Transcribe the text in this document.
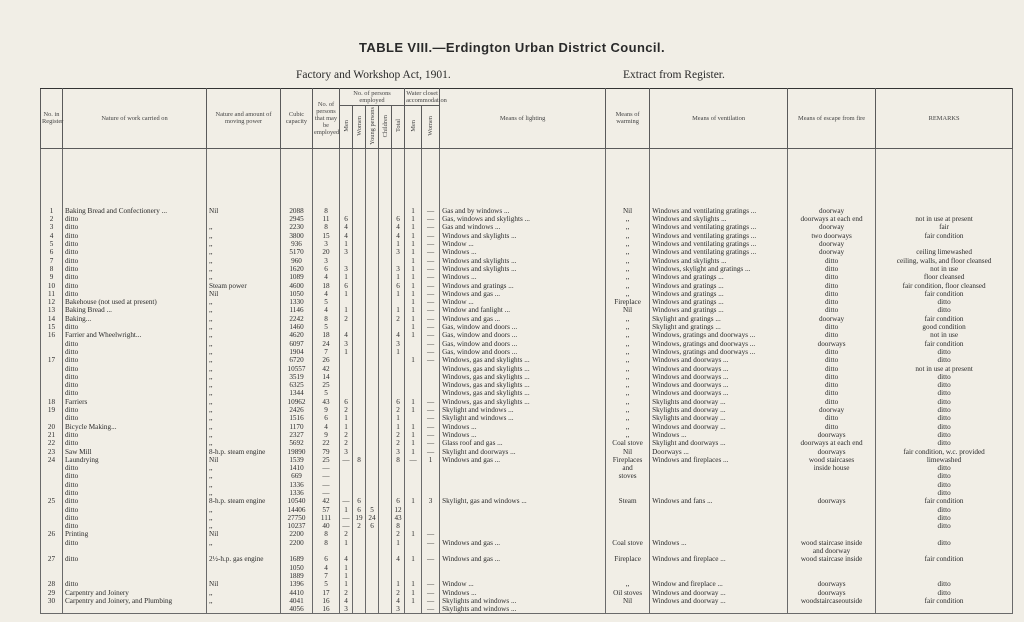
TABLE VIII.—Erdington Urban District Council.
Factory and Workshop Act, 1901.	Extract from Register.
No. in Register	Nature of work carried on	Nature and amount of moving power	Cubic capacity	No. of persons that may be employed	No. of persons employed					Water closet accommodation		Means of lighting	Means of warming	Means of ventilation	Means of escape from fire	REMARKS
					Men	Women	Young persons	Children	Total	Men	Women					
1	Baking Bread and Confectionery ...	Nil	2088	8						1	—	Gas and by windows ...	Nil	Windows and ventilating gratings ...	doorway	
2	ditto		2945	11	6				6	1	—	Gas, windows and skylights ...	,,	Windows and skylights ...	doorways at each end	not in use at present
3	ditto	,,	2230	8	4				4	1	—	Gas and windows ...	,,	Windows and ventilating gratings ...	doorway	fair
4	ditto	,,	3800	15	4				4	1	—	Windows and skylights ...	,,	Windows and ventilating gratings ...	two doorways	fair condition
5	ditto	,,	936	3	1				1	1	—	Window ...	,,	Windows and ventilating gratings ...	doorway	
6	ditto	,,	5170	20	3				3	1	—	Windows ...	,,	Windows and ventilating gratings ...	doorway	ceiling limewashed
7	ditto	,,	960	3						1	—	Windows and skylights ...	,,	Windows and skylights ...	ditto	ceiling, walls, and floor cleansed
8	ditto	,,	1620	6	3				3	1	—	Windows and skylights ...	,,	Windows, skylight and gratings ...	ditto	not in use
9	ditto	,,	1089	4	1				1	1	—	Windows ...	,,	Windows and gratings ...	ditto	floor cleansed
10	ditto	Steam power	4600	18	6				6	1	—	Windows and gratings ...	,,	Windows and gratings ...	ditto	fair condition, floor cleansed
11	ditto	Nil	1050	4	1				1	1	—	Windows and gas ...	,,	Windows and gratings ...	ditto	fair condition
12	Bakehouse (not used at present)	,,	1330	5						1	—	Window ...	Fireplace	Windows and gratings ...	ditto	ditto
13	Baking Bread ...	,,	1146	4	1				1	1	—	Window and fanlight ...	Nil	Windows and gratings ...	ditto	ditto
14	Baking...	,,	2242	8	2				2	1	—	Windows and gas ...	,,	Skylight and gratings ...	doorway	fair condition
15	ditto	,,	1460	5						1	—	Gas, window and doors ...	,,	Skylight and gratings ...	ditto	good condition
16	Farrier and Wheelwright...	,,	4620	18	4				4	1	—	Gas, window and doors ...	,,	Windows, gratings and doorways ...	ditto	not in use
	ditto	,,	6097	24	3				3		—	Gas, window and doors ...	,,	Windows, gratings and doorways ...	doorways	fair condition
	ditto	,,	1904	7	1				1		—	Gas, window and doors ...	,,	Windows, gratings and doorways ...	ditto	ditto
17	ditto	,,	6720	26						1	—	Windows, gas and skylights ...	,,	Windows and doorways ...	ditto	ditto
	ditto	,,	10557	42								Windows, gas and skylights ...	,,	Windows and doorways ...	ditto	not in use at present
	ditto	,,	3519	14								Windows, gas and skylights ...	,,	Windows and doorways ...	ditto	ditto
	ditto	,,	6325	25								Windows, gas and skylights ...	,,	Windows and doorways ...	ditto	ditto
	ditto	,,	1344	5								Windows, gas and skylights ...	,,	Windows and doorways ...	ditto	ditto
18	Farriers	,,	10962	43	6				6	1	—	Windows, gas and skylights ...	,,	Skylights and doorway ...	ditto	ditto
19	ditto	,,	2426	9	2				2	1	—	Skylight and windows ...	,,	Skylights and doorway ...	doorway	ditto
	ditto	,,	1516	6	1				1		—	Skylight and windows ...	,,	Skylights and doorway ...	ditto	ditto
20	Bicycle Making...	,,	1170	4	1				1	1	—	Windows ...	,,	Windows and doorway ...	ditto	ditto
21	ditto	,,	2327	9	2				2	1	—	Windows ...	,,	Windows ...	doorways	ditto
22	ditto	,,	5692	22	2				2	1	—	Glass roof and gas ...	Coal stove	Skylight and doorways ...	doorways at each end	ditto
23	Saw Mill	8-h.p. steam engine	19890	79	3				3	1	—	Skylight and doorways ...	Nil	Doorways ...	doorways	fair condition, w.c. provided
24	Laundrying	Nil	1539	25	—	8			8	—	1	Windows and gas ...	Fireplaces	Windows and fireplaces ...	wood staircases	limewashed
	ditto	,,	1410	—									and		inside house	ditto
	ditto	,,	669	—									stoves			ditto
	ditto	,,	1336	—												ditto
	ditto	,,	1336	—												ditto
25	ditto	8-h.p. steam engine	10540	42	—	6			6	1	3	Skylight, gas and windows ...	Steam	Windows and fans ...	doorways	fair condition
	ditto	,,	14406	57	1	6	5		12							ditto
	ditto	,,	27750	111	—	19	24		43							ditto
	ditto	,,	10237	40	—	2	6		8							ditto
26	Printing	Nil	2200	8	2				2	1	—					
	ditto	,,	2200	8	1				1		—	Windows and gas ...	Coal stove	Windows ...	wood staircase inside	ditto
															and doorway	
27	ditto	2½-h.p. gas engine	1689	6	4				4	1	—	Windows and gas ...	Fireplace	Windows and fireplace ...	wood staircase inside	fair condition
			1050	4	1											
			1889	7	1											
28	ditto	Nil	1396	5	1				1	1	—	Window ...	,,	Window and fireplace ...	doorways	ditto
29	Carpentry and Joinery	,,	4410	17	2				2	1	—	Windows ...	Oil stoves	Windows and doorway ...	doorways	ditto
30	Carpentry and Joinery, and Plumbing	,,	4041	16	4				4	1	—	Skylights and windows ...	Nil	Windows and doorway ...	woodstaircaseoutside	fair condition
			4056	16	3				3		—	Skylights and windows ...				
